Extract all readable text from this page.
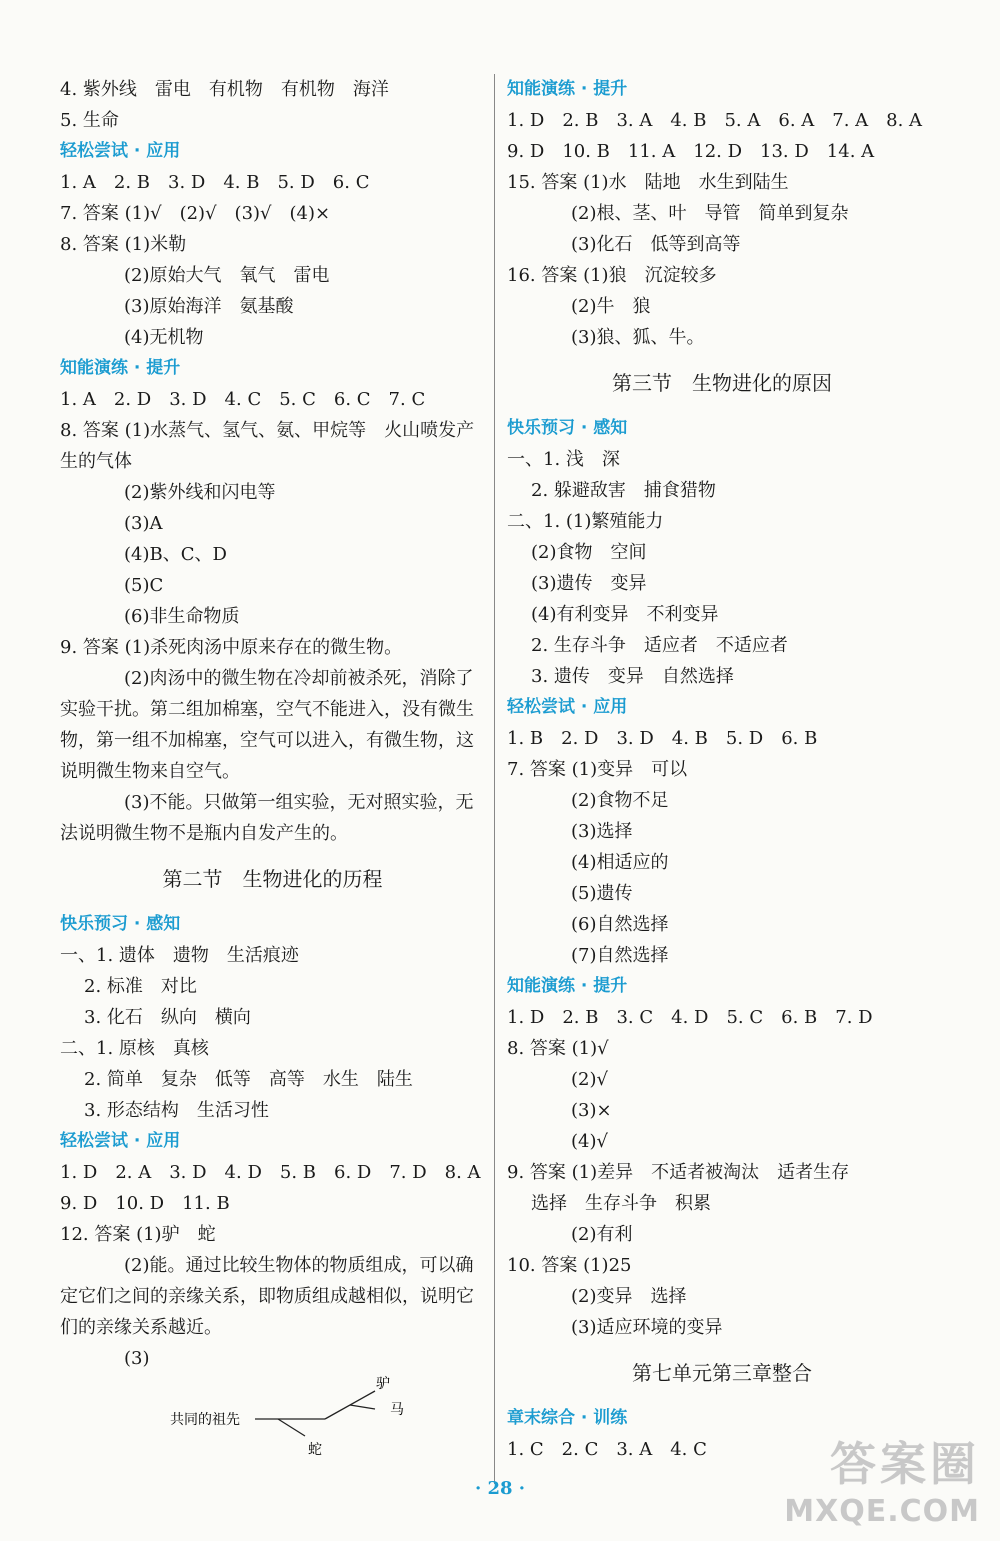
4. 紫外线　雷电　有机物　有机物　海洋
5. 生命
轻松尝试 · 应用
1. A　2. B　3. D　4. B　5. D　6. C
7. 答案 (1)√　(2)√　(3)√　(4)×
8. 答案 (1)米勒
(2)原始大气　氧气　雷电
(3)原始海洋　氨基酸
(4)无机物
知能演练 · 提升
1. A　2. D　3. D　4. C　5. C　6. C　7. C
8. 答案 (1)水蒸气、氢气、氨、甲烷等　火山喷发产
生的气体
(2)紫外线和闪电等
(3)A
(4)B、C、D
(5)C
(6)非生命物质
9. 答案 (1)杀死肉汤中原来存在的微生物。
(2)肉汤中的微生物在冷却前被杀死，消除了实验干扰。第二组加棉塞，空气不能进入，没有微生物，第一组不加棉塞，空气可以进入，有微生物，这说明微生物来自空气。
(3)不能。只做第一组实验，无对照实验，无法说明微生物不是瓶内自发产生的。
第二节　生物进化的历程
快乐预习 · 感知
一、1. 遗体　遗物　生活痕迹
2. 标准　对比
3. 化石　纵向　横向
二、1. 原核　真核
2. 简单　复杂　低等　高等　水生　陆生
3. 形态结构　生活习性
轻松尝试 · 应用
1. D　2. A　3. D　4. D　5. B　6. D　7. D　8. A
9. D　10. D　11. B
12. 答案 (1)驴　蛇
(2)能。通过比较生物体的物质组成，可以确定它们之间的亲缘关系，即物质组成越相似，说明它们的亲缘关系越近。
(3)
共同的祖先
驴
马
蛇
知能演练 · 提升
1. D　2. B　3. A　4. B　5. A　6. A　7. A　8. A
9. D　10. B　11. A　12. D　13. D　14. A
15. 答案 (1)水　陆地　水生到陆生
(2)根、茎、叶　导管　简单到复杂
(3)化石　低等到高等
16. 答案 (1)狼　沉淀较多
(2)牛　狼
(3)狼、狐、牛。
第三节　生物进化的原因
快乐预习 · 感知
一、1. 浅　深
2. 躲避敌害　捕食猎物
二、1. (1)繁殖能力
(2)食物　空间
(3)遗传　变异
(4)有利变异　不利变异
2. 生存斗争　适应者　不适应者
3. 遗传　变异　自然选择
轻松尝试 · 应用
1. B　2. D　3. D　4. B　5. D　6. B
7. 答案 (1)变异　可以
(2)食物不足
(3)选择
(4)相适应的
(5)遗传
(6)自然选择
(7)自然选择
知能演练 · 提升
1. D　2. B　3. C　4. D　5. C　6. B　7. D
8. 答案 (1)√
(2)√
(3)×
(4)√
9. 答案 (1)差异　不适者被淘汰　适者生存
选择　生存斗争　积累
(2)有利
10. 答案 (1)25
(2)变异　选择
(3)适应环境的变异
第七单元第三章整合
章末综合 · 训练
1. C　2. C　3. A　4. C
· 28 ·	答案圈
MXQE.COM
